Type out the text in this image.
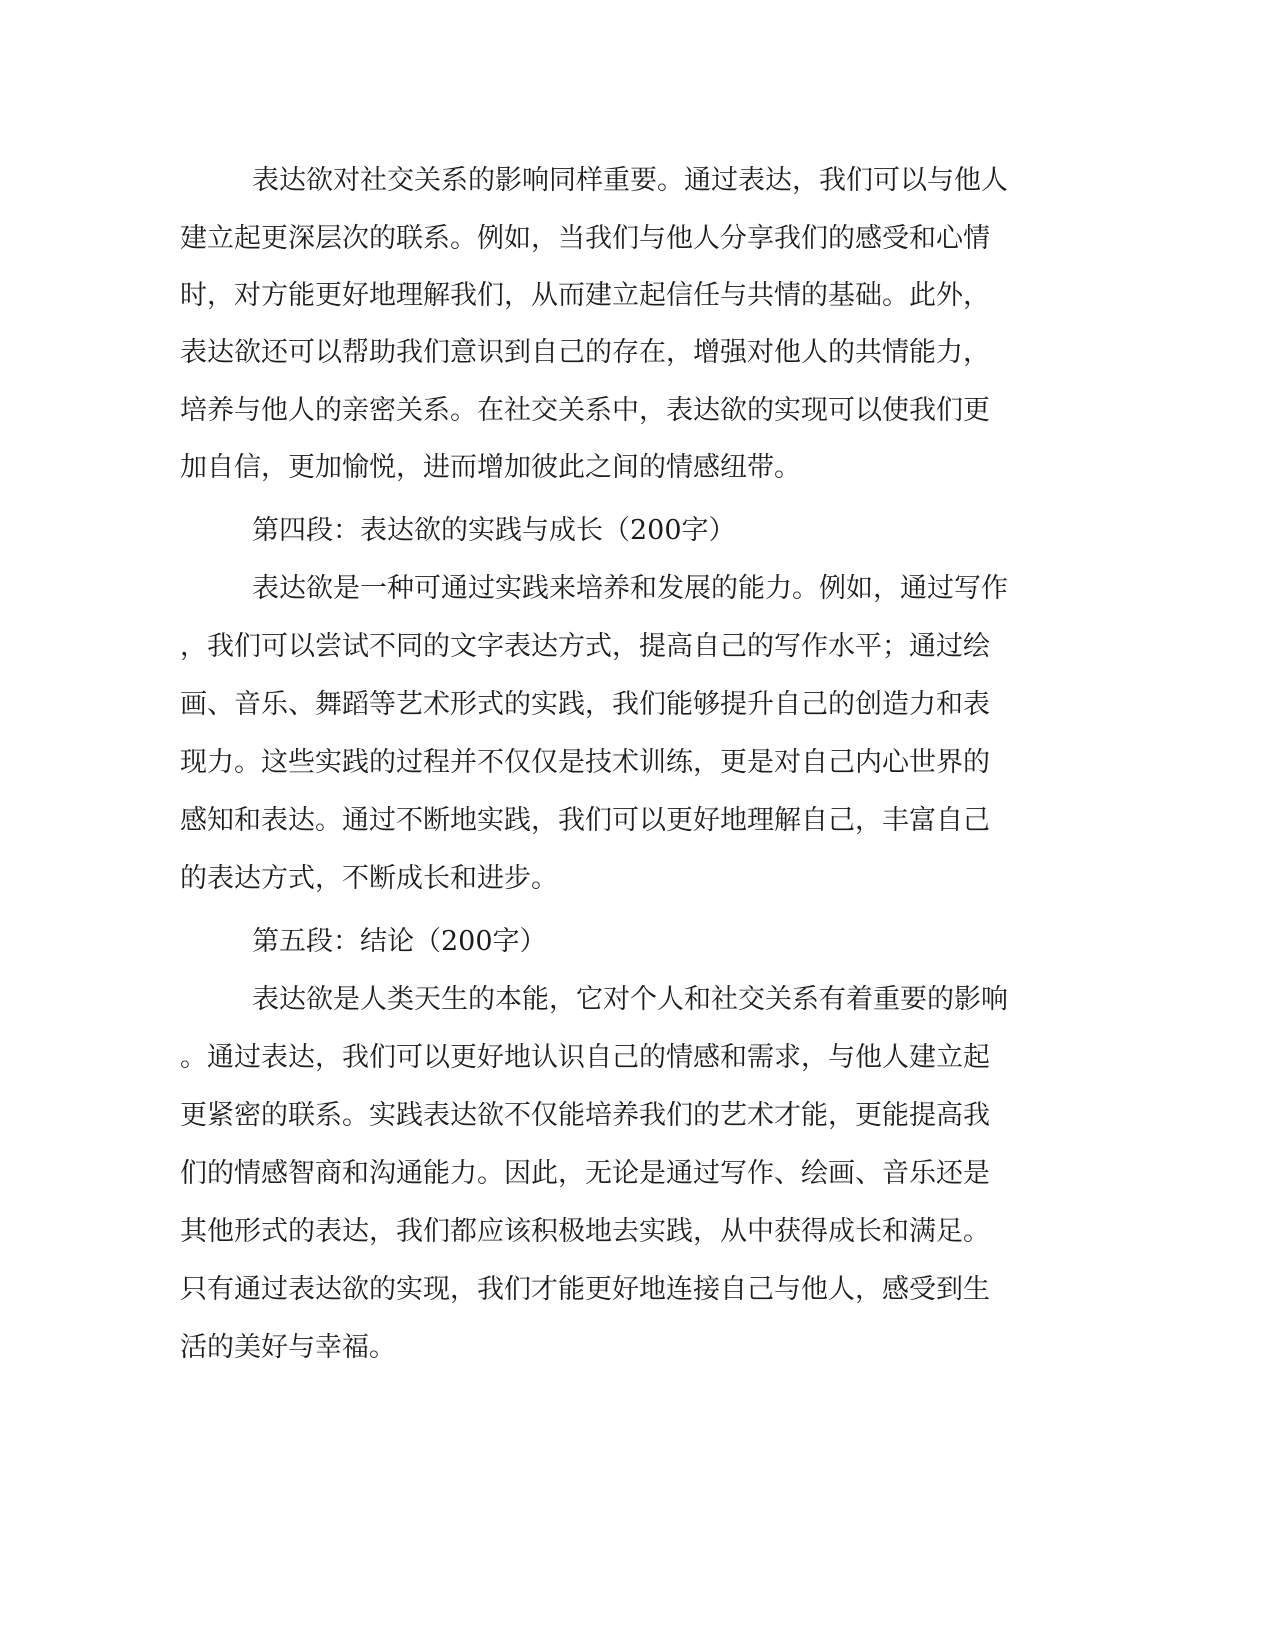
表达欲对社交关系的影响同样重要。通过表达，我们可以与他人
建立起更深层次的联系。例如，当我们与他人分享我们的感受和心情
时，对方能更好地理解我们，从而建立起信任与共情的基础。此外，
表达欲还可以帮助我们意识到自己的存在，增强对他人的共情能力，
培养与他人的亲密关系。在社交关系中，表达欲的实现可以使我们更
加自信，更加愉悦，进而增加彼此之间的情感纽带。
第四段：表达欲的实践与成长（200字）
表达欲是一种可通过实践来培养和发展的能力。例如，通过写作
，我们可以尝试不同的文字表达方式，提高自己的写作水平；通过绘
画、音乐、舞蹈等艺术形式的实践，我们能够提升自己的创造力和表
现力。这些实践的过程并不仅仅是技术训练，更是对自己内心世界的
感知和表达。通过不断地实践，我们可以更好地理解自己，丰富自己
的表达方式，不断成长和进步。
第五段：结论（200字）
表达欲是人类天生的本能，它对个人和社交关系有着重要的影响
。通过表达，我们可以更好地认识自己的情感和需求，与他人建立起
更紧密的联系。实践表达欲不仅能培养我们的艺术才能，更能提高我
们的情感智商和沟通能力。因此，无论是通过写作、绘画、音乐还是
其他形式的表达，我们都应该积极地去实践，从中获得成长和满足。
只有通过表达欲的实现，我们才能更好地连接自己与他人，感受到生
活的美好与幸福。
